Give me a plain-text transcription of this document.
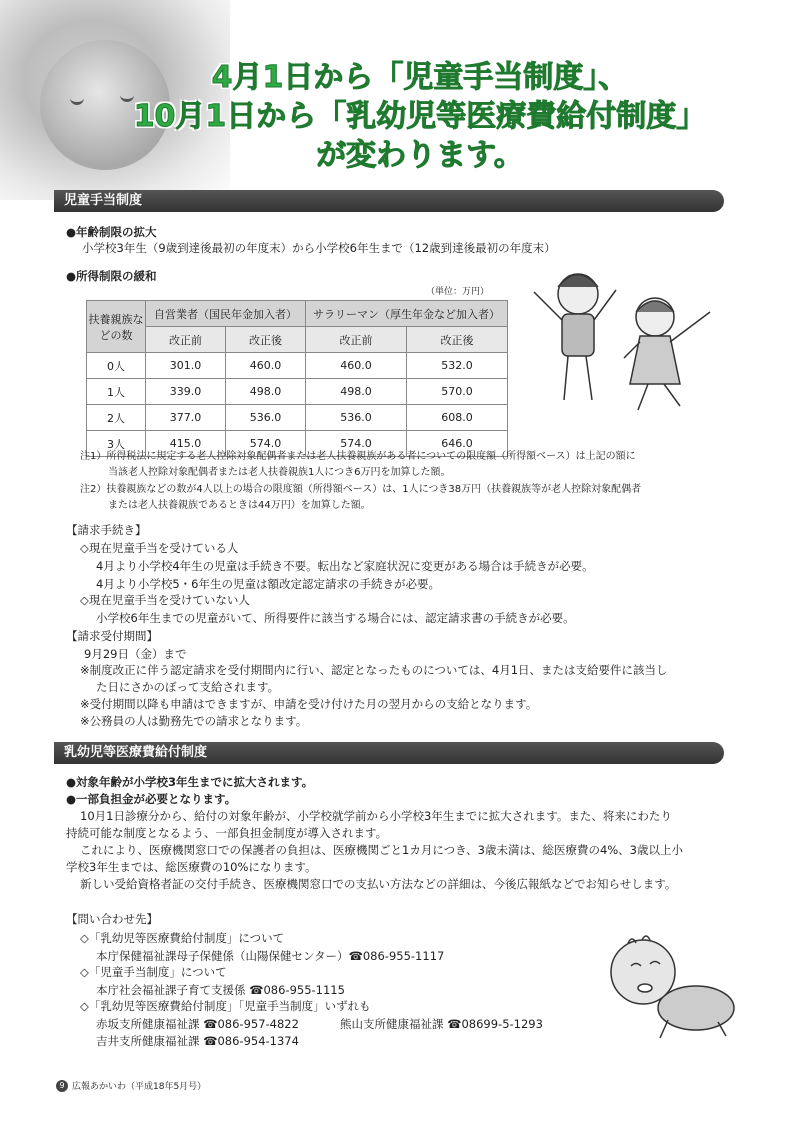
4月1日から「児童手当制度」、
10月1日から「乳幼児等医療費給付制度」
が変わります。
児童手当制度
●年齢制限の拡大
小学校3年生（9歳到達後最初の年度末）から小学校6年生まで（12歳到達後最初の年度末）
●所得制限の緩和
（単位：万円）
扶養親族などの数	自営業者（国民年金加入者）		サラリーマン（厚生年金など加入者）	
	改正前	改正後	改正前	改正後
0人	301.0	460.0	460.0	532.0
1人	339.0	498.0	498.0	570.0
2人	377.0	536.0	536.0	608.0
3人	415.0	574.0	574.0	646.0
注1）所得税法に規定する老人控除対象配偶者または老人扶養親族がある者についての限度額（所得額ベース）は上記の額に
当該老人控除対象配偶者または老人扶養親族1人につき6万円を加算した額。
注2）扶養親族などの数が4人以上の場合の限度額（所得額ベース）は、1人につき38万円（扶養親族等が老人控除対象配偶者
または老人扶養親族であるときは44万円）を加算した額。
【請求手続き】
◇現在児童手当を受けている人
4月より小学校4年生の児童は手続き不要。転出など家庭状況に変更がある場合は手続きが必要。
4月より小学校5・6年生の児童は額改定認定請求の手続きが必要。
◇現在児童手当を受けていない人
小学校6年生までの児童がいて、所得要件に該当する場合には、認定請求書の手続きが必要。
【請求受付期間】
9月29日（金）まで
※制度改正に伴う認定請求を受付期間内に行い、認定となったものについては、4月1日、または支給要件に該当し
た日にさかのぼって支給されます。
※受付期間以降も申請はできますが、申請を受け付けた月の翌月からの支給となります。
※公務員の人は勤務先での請求となります。
乳幼児等医療費給付制度
●対象年齢が小学校3年生までに拡大されます。
●一部負担金が必要となります。
10月1日診療分から、給付の対象年齢が、小学校就学前から小学校3年生までに拡大されます。また、将来にわたり
持続可能な制度となるよう、一部負担金制度が導入されます。
これにより、医療機関窓口での保護者の負担は、医療機関ごと1カ月につき、3歳未満は、総医療費の4%、3歳以上小
学校3年生までは、総医療費の10%になります。
新しい受給資格者証の交付手続き、医療機関窓口での支払い方法などの詳細は、今後広報紙などでお知らせします。
【問い合わせ先】
◇「乳幼児等医療費給付制度」について
本庁保健福祉課母子保健係（山陽保健センター）☎086-955-1117
◇「児童手当制度」について
本庁社会福祉課子育て支援係 ☎086-955-1115
◇「乳幼児等医療費給付制度」「児童手当制度」いずれも
赤坂支所健康福祉課 ☎086-957-4822	熊山支所健康福祉課 ☎08699-5-1293
吉井支所健康福祉課 ☎086-954-1374
9 広報あかいわ（平成18年5月号）
